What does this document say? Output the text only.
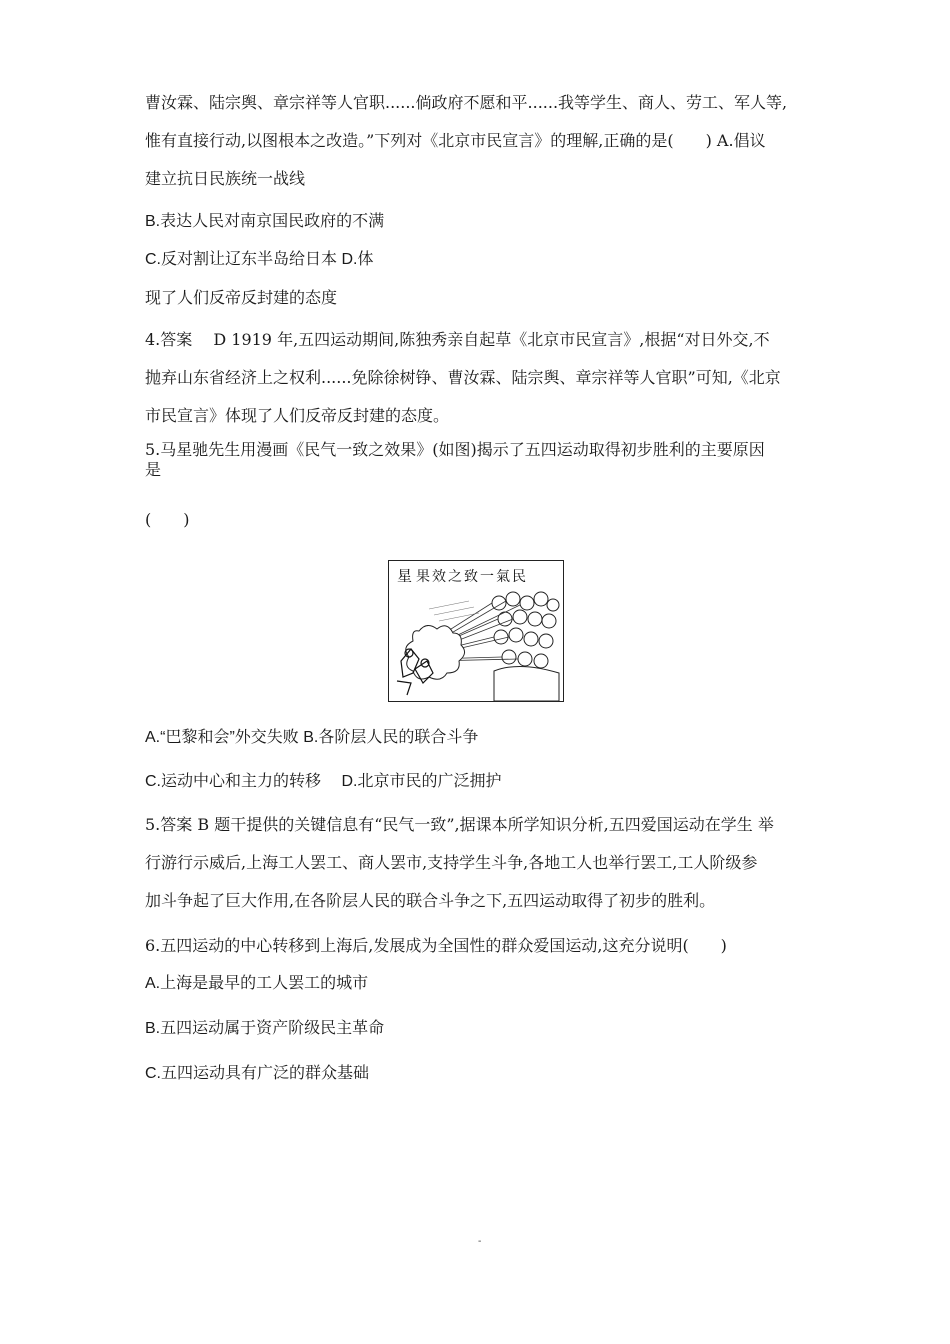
曹汝霖、陆宗舆、章宗祥等人官职......倘政府不愿和平......我等学生、商人、劳工、军人等,
惟有直接行动,以图根本之改造。”下列对《北京市民宣言》的理解,正确的是(　　) A.倡议
建立抗日民族统一战线
B.表达人民对南京国民政府的不满
C.反对割让辽东半岛给日本 D.体
现了人们反帝反封建的态度
4.答案　 D 1919 年,五四运动期间,陈独秀亲自起草《北京市民宣言》,根据“对日外交,不
抛弃山东省经济上之权利......免除徐树铮、曹汝霖、陆宗舆、章宗祥等人官职”可知,《北京
市民宣言》体现了人们反帝反封建的态度。
5.马星驰先生用漫画《民气一致之效果》(如图)揭示了五四运动取得初步胜利的主要原因
是
(　　)
星 果效之致一氣民
A.“巴黎和会”外交失败 B.各阶层人民的联合斗争
C.运动中心和主力的转移　 D.北京市民的广泛拥护
5.答案 B 题干提供的关键信息有“民气一致”,据课本所学知识分析,五四爱国运动在学生 举
行游行示威后,上海工人罢工、商人罢市,支持学生斗争,各地工人也举行罢工,工人阶级参
加斗争起了巨大作用,在各阶层人民的联合斗争之下,五四运动取得了初步的胜利。
6.五四运动的中心转移到上海后,发展成为全国性的群众爱国运动,这充分说明(　　)
A.上海是最早的工人罢工的城市
B.五四运动属于资产阶级民主革命
C.五四运动具有广泛的群众基础
-
